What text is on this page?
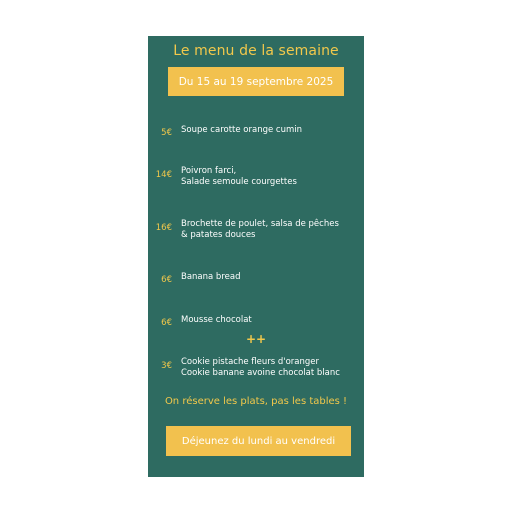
Le menu de la semaine
Du 15 au 19 septembre 2025
5€ Soupe carotte orange cumin
14€ Poivron farci,
Salade semoule courgettes
16€ Brochette de poulet, salsa de pêches
& patates douces
6€ Banana bread
6€ Mousse chocolat
++
3€ Cookie pistache fleurs d'oranger
Cookie banane avoine chocolat blanc
On réserve les plats, pas les tables !
Déjeunez du lundi au vendredi
